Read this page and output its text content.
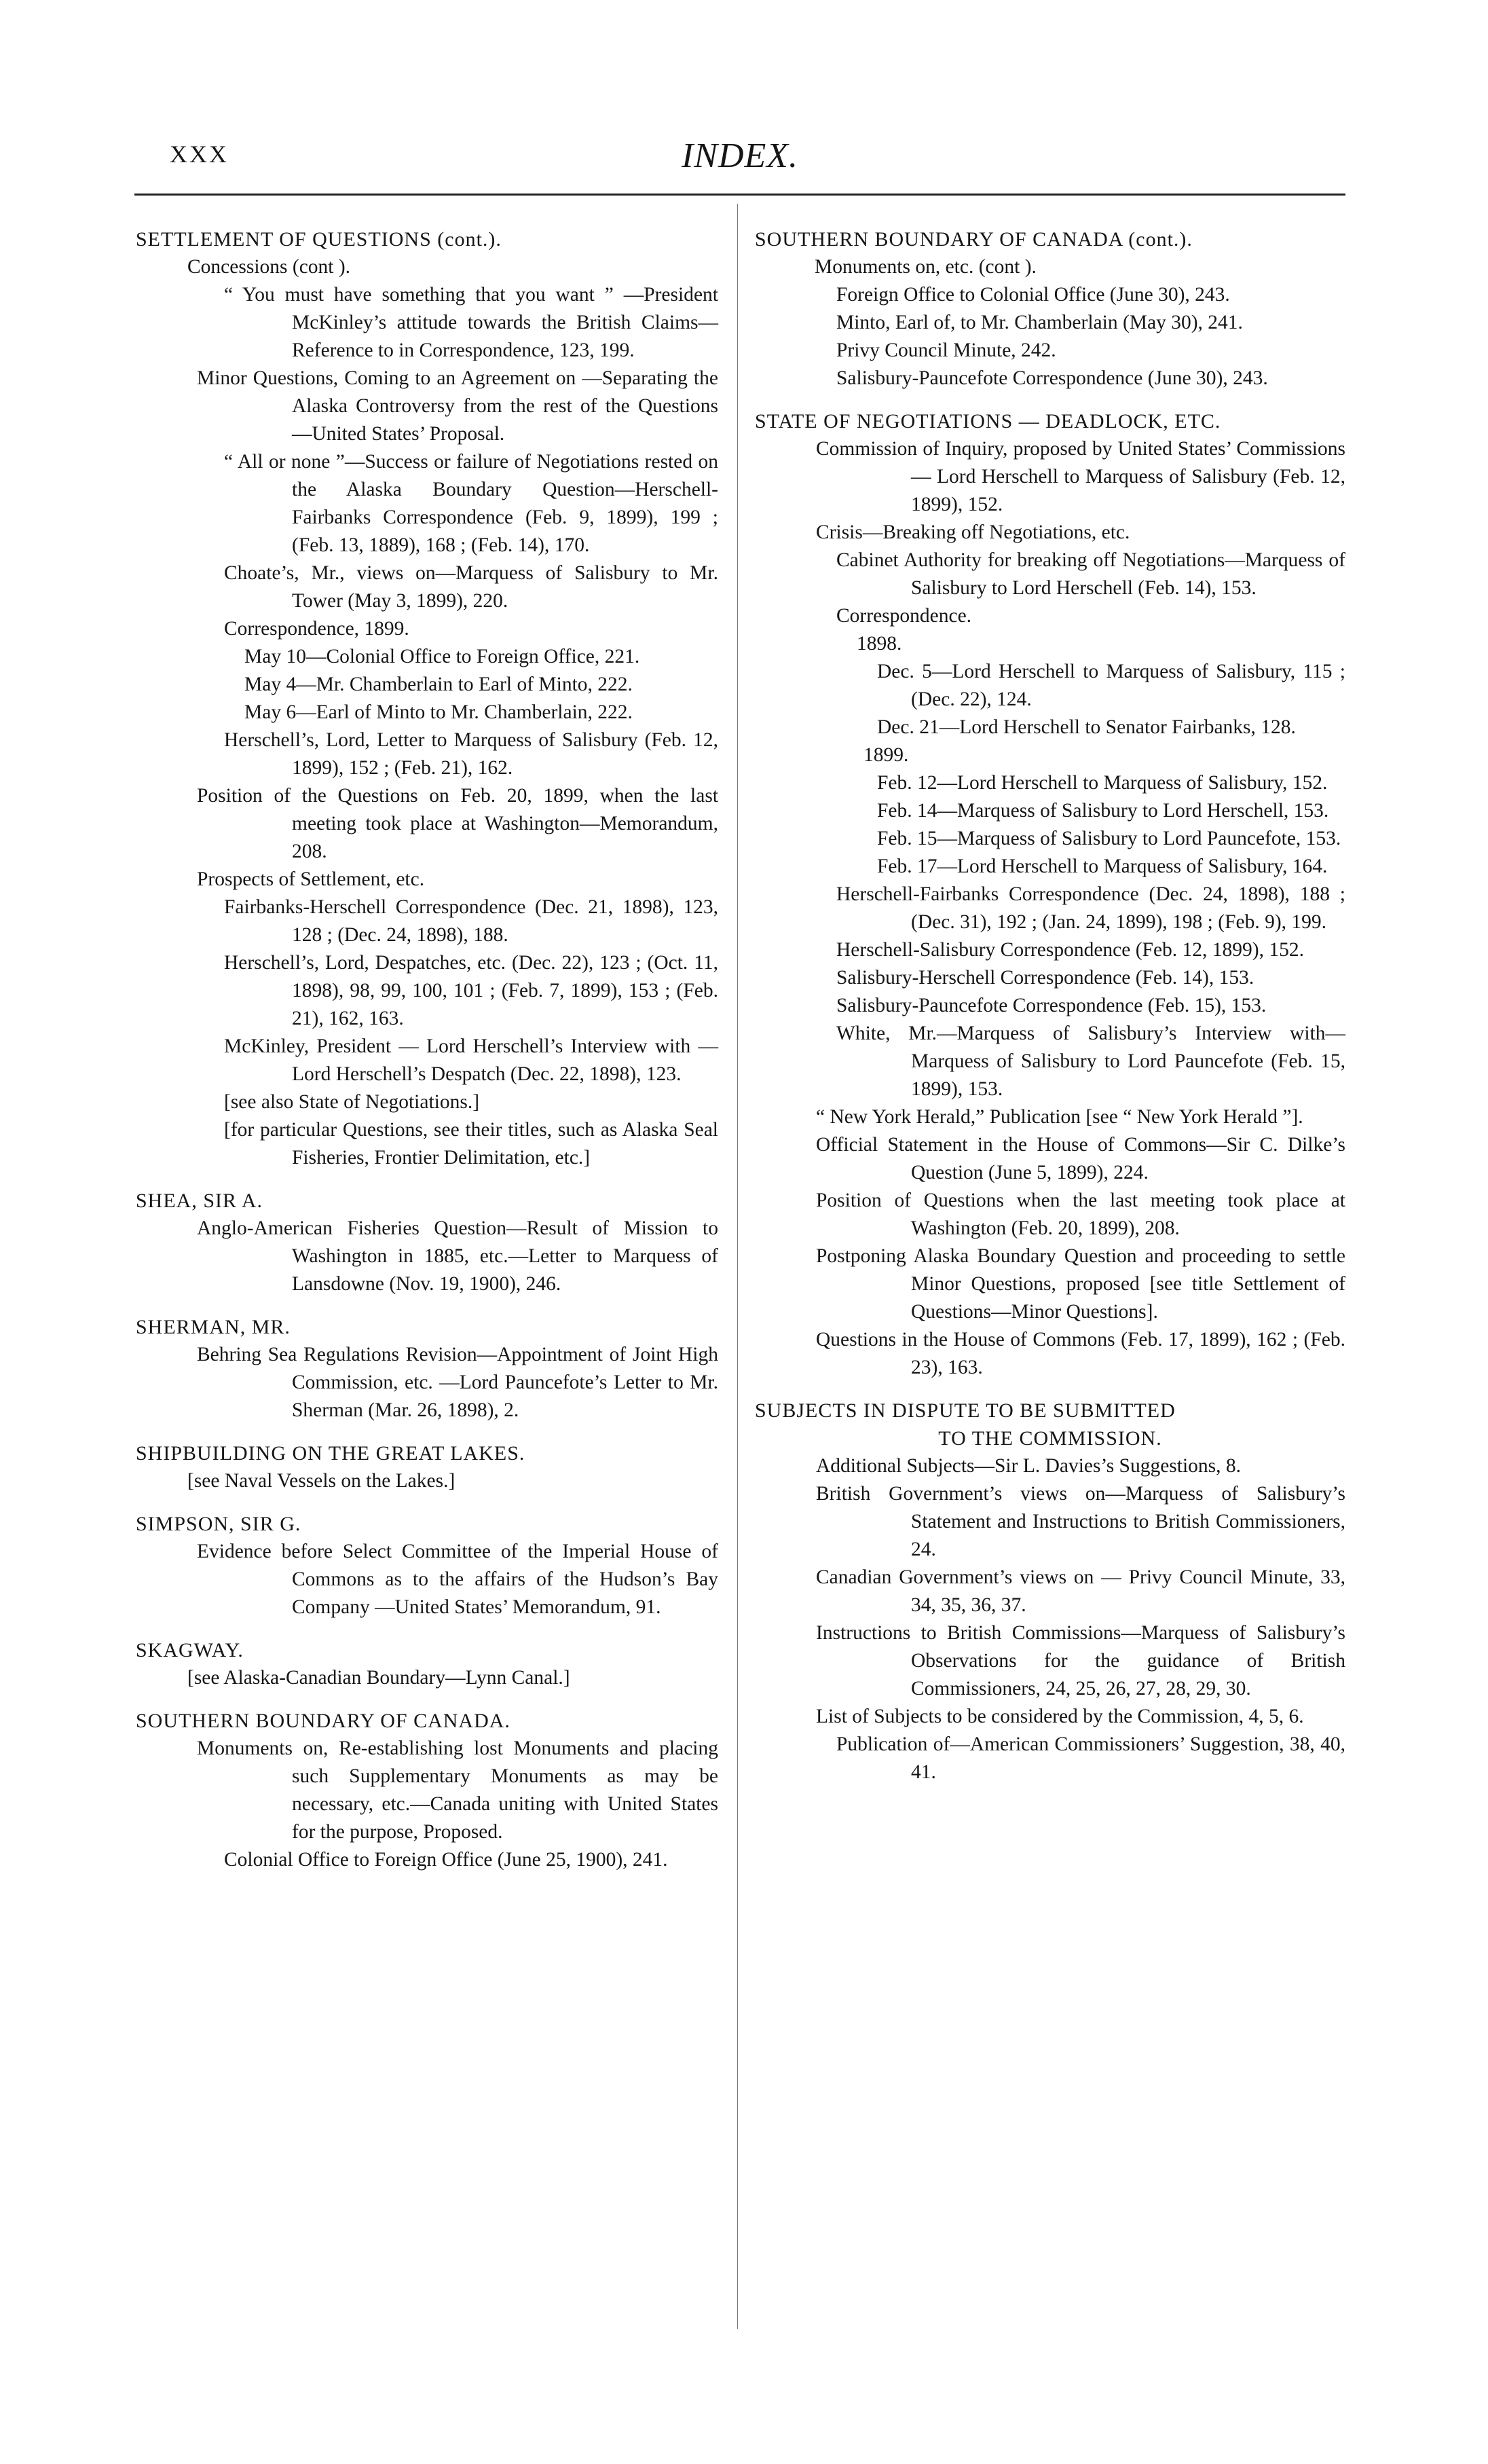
XXX	INDEX.

SETTLEMENT OF QUESTIONS (cont.).

Concessions (cont ).

“ You must have something that you want ” —President McKinley’s attitude towards the British Claims—Reference to in Correspondence, 123, 199.

Minor Questions, Coming to an Agreement on —Separating the Alaska Controversy from the rest of the Questions —United States’ Proposal.

“ All or none ”—Success or failure of Negotiations rested on the Alaska Boundary Question—Herschell-Fairbanks Correspondence (Feb. 9, 1899), 199 ; (Feb. 13, 1889), 168 ; (Feb. 14), 170.

Choate’s, Mr., views on—Marquess of Salisbury to Mr. Tower (May 3, 1899), 220.

Correspondence, 1899.

May 10—Colonial Office to Foreign Office, 221.

May 4—Mr. Chamberlain to Earl of Minto, 222.

May 6—Earl of Minto to Mr. Chamberlain, 222.

Herschell’s, Lord, Letter to Marquess of Salisbury (Feb. 12, 1899), 152 ; (Feb. 21), 162.

Position of the Questions on Feb. 20, 1899, when the last meeting took place at Washington—Memorandum, 208.

Prospects of Settlement, etc.

Fairbanks-Herschell Correspondence (Dec. 21, 1898), 123, 128 ; (Dec. 24, 1898), 188.

Herschell’s, Lord, Despatches, etc. (Dec. 22), 123 ; (Oct. 11, 1898), 98, 99, 100, 101 ; (Feb. 7, 1899), 153 ; (Feb. 21), 162, 163.

McKinley, President — Lord Herschell’s Interview with — Lord Herschell’s Despatch (Dec. 22, 1898), 123.

[see also State of Negotiations.]

[for particular Questions, see their titles, such as Alaska Seal Fisheries, Frontier Delimitation, etc.]

SHEA, SIR A.

Anglo-American Fisheries Question—Result of Mission to Washington in 1885, etc.—Letter to Marquess of Lansdowne (Nov. 19, 1900), 246.

SHERMAN, MR.

Behring Sea Regulations Revision—Appointment of Joint High Commission, etc. —Lord Pauncefote’s Letter to Mr. Sherman (Mar. 26, 1898), 2.

SHIPBUILDING ON THE GREAT LAKES.

[see Naval Vessels on the Lakes.]

SIMPSON, SIR G.

Evidence before Select Committee of the Imperial House of Commons as to the affairs of the Hudson’s Bay Company —United States’ Memorandum, 91.

SKAGWAY.

[see Alaska-Canadian Boundary—Lynn Canal.]

SOUTHERN BOUNDARY OF CANADA.

Monuments on, Re-establishing lost Monuments and placing such Supplementary Monuments as may be necessary, etc.—Canada uniting with United States for the purpose, Proposed.

Colonial Office to Foreign Office (June 25, 1900), 241.

SOUTHERN BOUNDARY OF CANADA (cont.).

Monuments on, etc. (cont ).

Foreign Office to Colonial Office (June 30), 243.

Minto, Earl of, to Mr. Chamberlain (May 30), 241.

Privy Council Minute, 242.

Salisbury-Pauncefote Correspondence (June 30), 243.

STATE OF NEGOTIATIONS — DEADLOCK, ETC.

Commission of Inquiry, proposed by United States’ Commissions — Lord Herschell to Marquess of Salisbury (Feb. 12, 1899), 152.

Crisis—Breaking off Negotiations, etc.

Cabinet Authority for breaking off Negotiations—Marquess of Salisbury to Lord Herschell (Feb. 14), 153.

Correspondence.

1898.

Dec. 5—Lord Herschell to Marquess of Salisbury, 115 ; (Dec. 22), 124.

Dec. 21—Lord Herschell to Senator Fairbanks, 128.

1899.

Feb. 12—Lord Herschell to Marquess of Salisbury, 152.

Feb. 14—Marquess of Salisbury to Lord Herschell, 153.

Feb. 15—Marquess of Salisbury to Lord Pauncefote, 153.

Feb. 17—Lord Herschell to Marquess of Salisbury, 164.

Herschell-Fairbanks Correspondence (Dec. 24, 1898), 188 ; (Dec. 31), 192 ; (Jan. 24, 1899), 198 ; (Feb. 9), 199.

Herschell-Salisbury Correspondence (Feb. 12, 1899), 152.

Salisbury-Herschell Correspondence (Feb. 14), 153.

Salisbury-Pauncefote Correspondence (Feb. 15), 153.

White, Mr.—Marquess of Salisbury’s Interview with—Marquess of Salisbury to Lord Pauncefote (Feb. 15, 1899), 153.

“ New York Herald,” Publication [see “ New York Herald ”].

Official Statement in the House of Commons—Sir C. Dilke’s Question (June 5, 1899), 224.

Position of Questions when the last meeting took place at Washington (Feb. 20, 1899), 208.

Postponing Alaska Boundary Question and proceeding to settle Minor Questions, proposed [see title Settlement of Questions—Minor Questions].

Questions in the House of Commons (Feb. 17, 1899), 162 ; (Feb. 23), 163.

SUBJECTS IN DISPUTE TO BE SUBMITTED

TO THE COMMISSION.

Additional Subjects—Sir L. Davies’s Suggestions, 8.

British Government’s views on—Marquess of Salisbury’s Statement and Instructions to British Commissioners, 24.

Canadian Government’s views on — Privy Council Minute, 33, 34, 35, 36, 37.

Instructions to British Commissions—Marquess of Salisbury’s Observations for the guidance of British Commissioners, 24, 25, 26, 27, 28, 29, 30.

List of Subjects to be considered by the Commission, 4, 5, 6.

Publication of—American Commissioners’ Suggestion, 38, 40, 41.
